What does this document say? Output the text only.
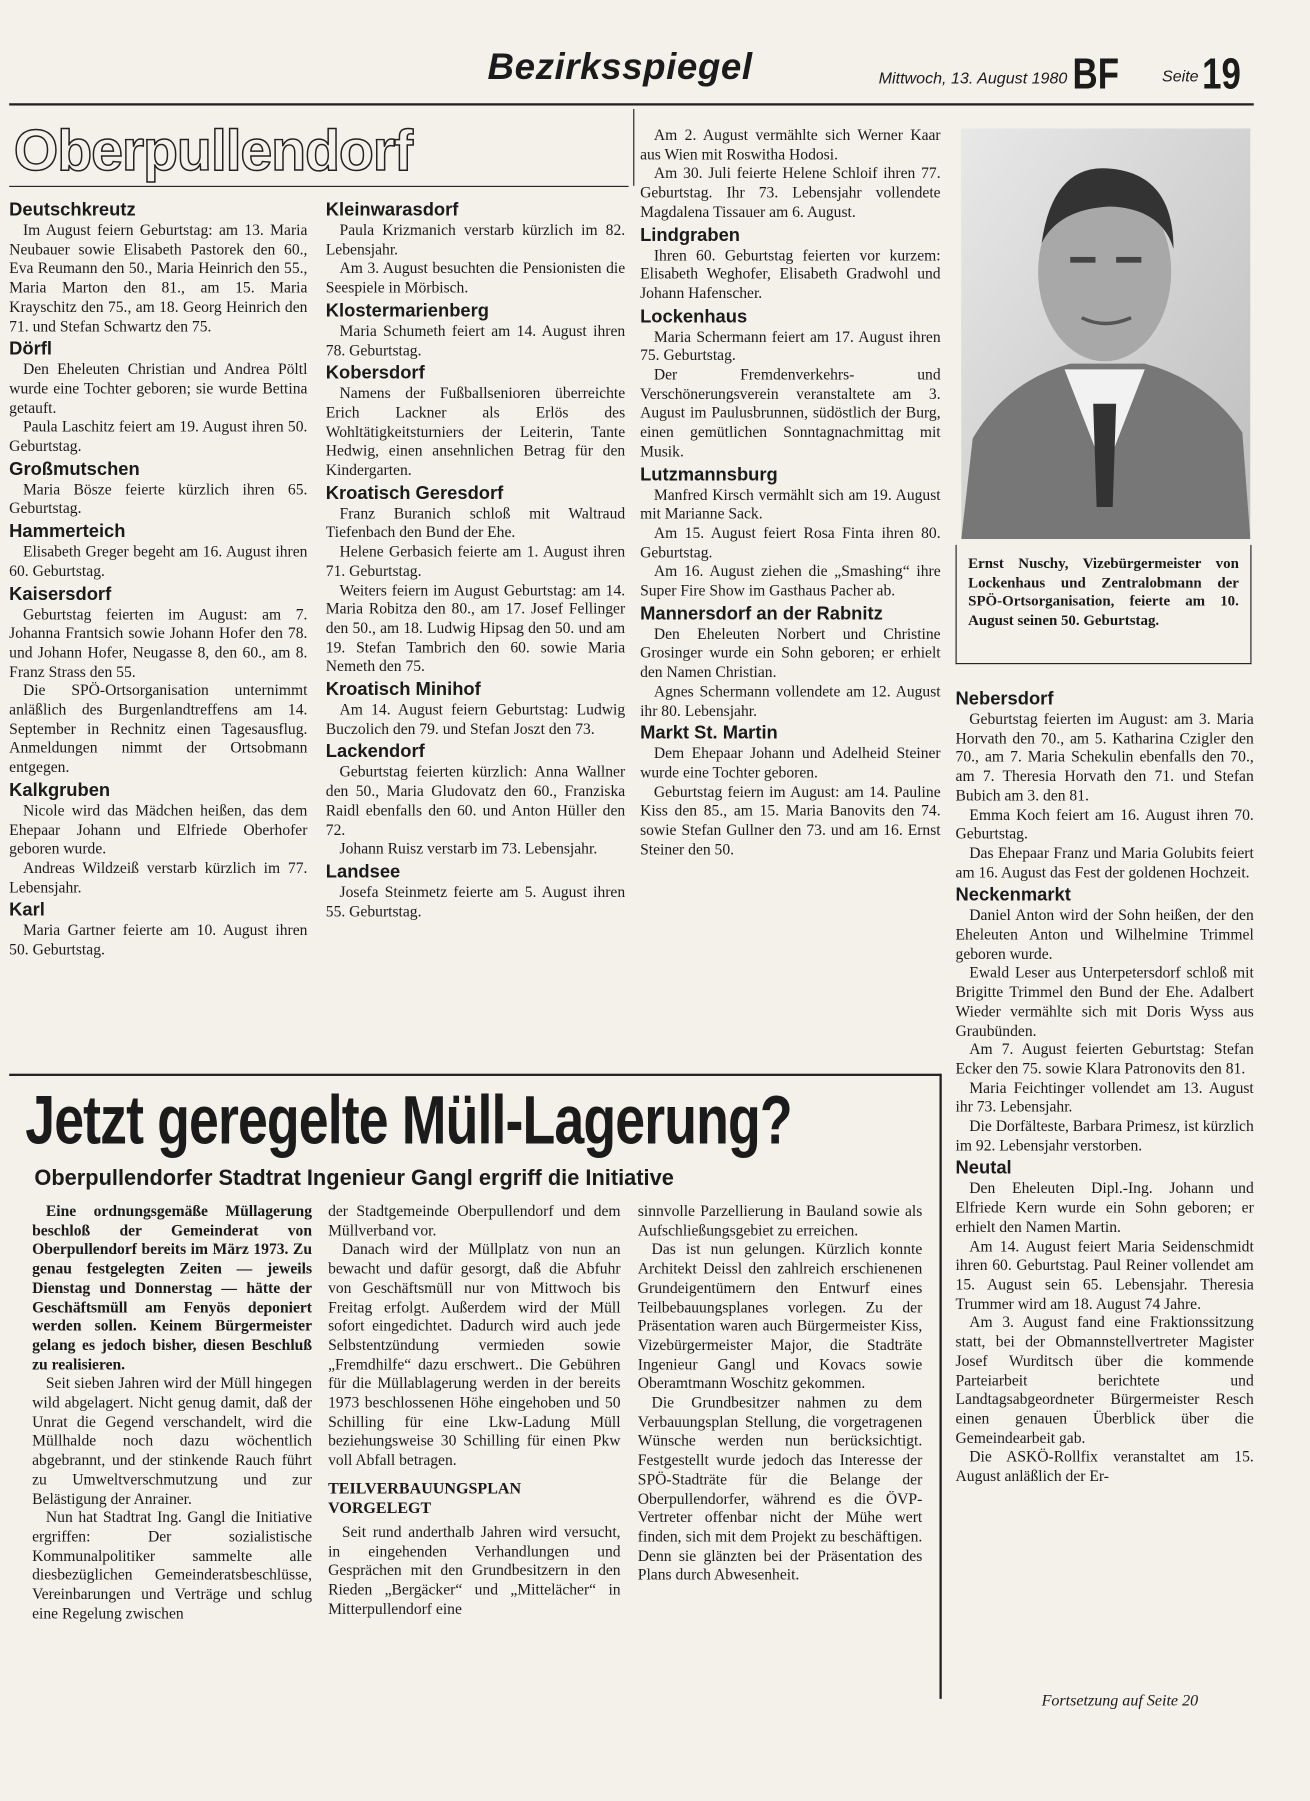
Bezirksspiegel	Mittwoch, 13. August 1980 BF	Seite 19
Oberpullendorf
Deutschkreutz

Im August feiern Geburtstag: am 13. Maria Neubauer sowie Elisabeth Pastorek den 60., Eva Reumann den 50., Maria Heinrich den 55., Maria Marton den 81., am 15. Maria Krayschitz den 75., am 18. Georg Heinrich den 71. und Stefan Schwartz den 75.

Dörfl

Den Eheleuten Christian und Andrea Pöltl wurde eine Tochter geboren; sie wurde Bettina getauft.

Paula Laschitz feiert am 19. August ihren 50. Geburtstag.

Großmutschen

Maria Bösze feierte kürzlich ihren 65. Geburtstag.

Hammerteich

Elisabeth Greger begeht am 16. August ihren 60. Geburtstag.

Kaisersdorf

Geburtstag feierten im August: am 7. Johanna Frantsich sowie Johann Hofer den 78. und Johann Hofer, Neugasse 8, den 60., am 8. Franz Strass den 55.

Die SPÖ-Ortsorganisation unternimmt anläßlich des Burgenlandtreffens am 14. September in Rechnitz einen Tagesausflug. Anmeldungen nimmt der Ortsobmann entgegen.

Kalkgruben

Nicole wird das Mädchen heißen, das dem Ehepaar Johann und Elfriede Oberhofer geboren wurde.

Andreas Wildzeiß verstarb kürzlich im 77. Lebensjahr.

Karl

Maria Gartner feierte am 10. August ihren 50. Geburtstag.

Kleinwarasdorf

Paula Krizmanich verstarb kürzlich im 82. Lebensjahr.

Am 3. August besuchten die Pensionisten die Seespiele in Mörbisch.

Klostermarienberg

Maria Schumeth feiert am 14. August ihren 78. Geburtstag.

Kobersdorf

Namens der Fußballsenioren überreichte Erich Lackner als Erlös des Wohltätigkeitsturniers der Leiterin, Tante Hedwig, einen ansehnlichen Betrag für den Kindergarten.

Kroatisch Geresdorf

Franz Buranich schloß mit Waltraud Tiefenbach den Bund der Ehe.

Helene Gerbasich feierte am 1. August ihren 71. Geburtstag.

Weiters feiern im August Geburtstag: am 14. Maria Robitza den 80., am 17. Josef Fellinger den 50., am 18. Ludwig Hipsag den 50. und am 19. Stefan Tambrich den 60. sowie Maria Nemeth den 75.

Kroatisch Minihof

Am 14. August feiern Geburtstag: Ludwig Buczolich den 79. und Stefan Joszt den 73.

Lackendorf

Geburtstag feierten kürzlich: Anna Wallner den 50., Maria Gludovatz den 60., Franziska Raidl ebenfalls den 60. und Anton Hüller den 72.

Johann Ruisz verstarb im 73. Lebensjahr.

Landsee

Josefa Steinmetz feierte am 5. August ihren 55. Geburtstag.

Am 2. August vermählte sich Werner Kaar aus Wien mit Roswitha Hodosi.

Am 30. Juli feierte Helene Schloif ihren 77. Geburtstag. Ihr 73. Lebensjahr vollendete Magdalena Tissauer am 6. August.

Lindgraben

Ihren 60. Geburtstag feierten vor kurzem: Elisabeth Weghofer, Elisabeth Gradwohl und Johann Hafenscher.

Lockenhaus

Maria Schermann feiert am 17. August ihren 75. Geburtstag.

Der Fremdenverkehrs- und Verschönerungsverein veranstaltete am 3. August im Paulusbrunnen, südöstlich der Burg, einen gemütlichen Sonntagnachmittag mit Musik.

Lutzmannsburg

Manfred Kirsch vermählt sich am 19. August mit Marianne Sack.

Am 15. August feiert Rosa Finta ihren 80. Geburtstag.

Am 16. August ziehen die „Smashing“ ihre Super Fire Show im Gasthaus Pacher ab.

Mannersdorf an der Rabnitz

Den Eheleuten Norbert und Christine Grosinger wurde ein Sohn geboren; er erhielt den Namen Christian.

Agnes Schermann vollendete am 12. August ihr 80. Lebensjahr.

Markt St. Martin

Dem Ehepaar Johann und Adelheid Steiner wurde eine Tochter geboren.

Geburtstag feiern im August: am 14. Pauline Kiss den 85., am 15. Maria Banovits den 74. sowie Stefan Gullner den 73. und am 16. Ernst Steiner den 50.

Ernst Nuschy, Vizebürgermeister von Lockenhaus und Zentralobmann der SPÖ-Ortsorganisation, feierte am 10. August seinen 50. Geburtstag.
Nebersdorf

Geburtstag feierten im August: am 3. Maria Horvath den 70., am 5. Katharina Czigler den 70., am 7. Maria Schekulin ebenfalls den 70., am 7. Theresia Horvath den 71. und Stefan Bubich am 3. den 81.

Emma Koch feiert am 16. August ihren 70. Geburtstag.

Das Ehepaar Franz und Maria Golubits feiert am 16. August das Fest der goldenen Hochzeit.

Neckenmarkt

Daniel Anton wird der Sohn heißen, der den Eheleuten Anton und Wilhelmine Trimmel geboren wurde.

Ewald Leser aus Unterpetersdorf schloß mit Brigitte Trimmel den Bund der Ehe. Adalbert Wieder vermählte sich mit Doris Wyss aus Graubünden.

Am 7. August feierten Geburtstag: Stefan Ecker den 75. sowie Klara Patronovits den 81.

Maria Feichtinger vollendet am 13. August ihr 73. Lebensjahr.

Die Dorfälteste, Barbara Primesz, ist kürzlich im 92. Lebensjahr verstorben.

Neutal

Den Eheleuten Dipl.-Ing. Johann und Elfriede Kern wurde ein Sohn geboren; er erhielt den Namen Martin.

Am 14. August feiert Maria Seidenschmidt ihren 60. Geburtstag. Paul Reiner vollendet am 15. August sein 65. Lebensjahr. Theresia Trummer wird am 18. August 74 Jahre.

Am 3. August fand eine Fraktionssitzung statt, bei der Obmannstellvertreter Magister Josef Wurditsch über die kommende Parteiarbeit berichtete und Landtagsabgeordneter Bürgermeister Resch einen genauen Überblick über die Gemeindearbeit gab.

Die ASKÖ-Rollfix veranstaltet am 15. August anläßlich der Er-

Jetzt geregelte Müll-Lagerung?
Oberpullendorfer Stadtrat Ingenieur Gangl ergriff die Initiative

Eine ordnungsgemäße Müllagerung beschloß der Gemeinderat von Oberpullendorf bereits im März 1973. Zu genau festgelegten Zeiten — jeweils Dienstag und Donnerstag — hätte der Geschäftsmüll am Fenyös deponiert werden sollen. Keinem Bürgermeister gelang es jedoch bisher, diesen Beschluß zu realisieren.

Seit sieben Jahren wird der Müll hingegen wild abgelagert. Nicht genug damit, daß der Unrat die Gegend verschandelt, wird die Müllhalde noch dazu wöchentlich abgebrannt, und der stinkende Rauch führt zu Umweltverschmutzung und zur Belästigung der Anrainer.

Nun hat Stadtrat Ing. Gangl die Initiative ergriffen: Der sozialistische Kommunalpolitiker sammelte alle diesbezüglichen Gemeinderatsbeschlüsse, Vereinbarungen und Verträge und schlug eine Regelung zwischen

der Stadtgemeinde Oberpullendorf und dem Müllverband vor.

Danach wird der Müllplatz von nun an bewacht und dafür gesorgt, daß die Abfuhr von Geschäftsmüll nur von Mittwoch bis Freitag erfolgt. Außerdem wird der Müll sofort eingedichtet. Dadurch wird auch jede Selbstentzündung vermieden sowie „Fremdhilfe“ dazu erschwert.. Die Gebühren für die Müllablagerung werden in der bereits 1973 beschlossenen Höhe eingehoben und 50 Schilling für eine Lkw-Ladung Müll beziehungsweise 30 Schilling für einen Pkw voll Abfall betragen.

TEILVERBAUUNGSPLAN VORGELEGT

Seit rund anderthalb Jahren wird versucht, in eingehenden Verhandlungen und Gesprächen mit den Grundbesitzern in den Rieden „Bergäcker“ und „Mittelächer“ in Mitterpullendorf eine

sinnvolle Parzellierung in Bauland sowie als Aufschließungsgebiet zu erreichen.

Das ist nun gelungen. Kürzlich konnte Architekt Deissl den zahlreich erschienenen Grundeigentümern den Entwurf eines Teilbebauungsplanes vorlegen. Zu der Präsentation waren auch Bürgermeister Kiss, Vizebürgermeister Major, die Stadträte Ingenieur Gangl und Kovacs sowie Oberamtmann Woschitz gekommen.

Die Grundbesitzer nahmen zu dem Verbauungsplan Stellung, die vorgetragenen Wünsche werden nun berücksichtigt. Festgestellt wurde jedoch das Interesse der SPÖ-Stadträte für die Belange der Oberpullendorfer, während es die ÖVP-Vertreter offenbar nicht der Mühe wert finden, sich mit dem Projekt zu beschäftigen. Denn sie glänzten bei der Präsentation des Plans durch Abwesenheit.

Fortsetzung auf Seite 20
